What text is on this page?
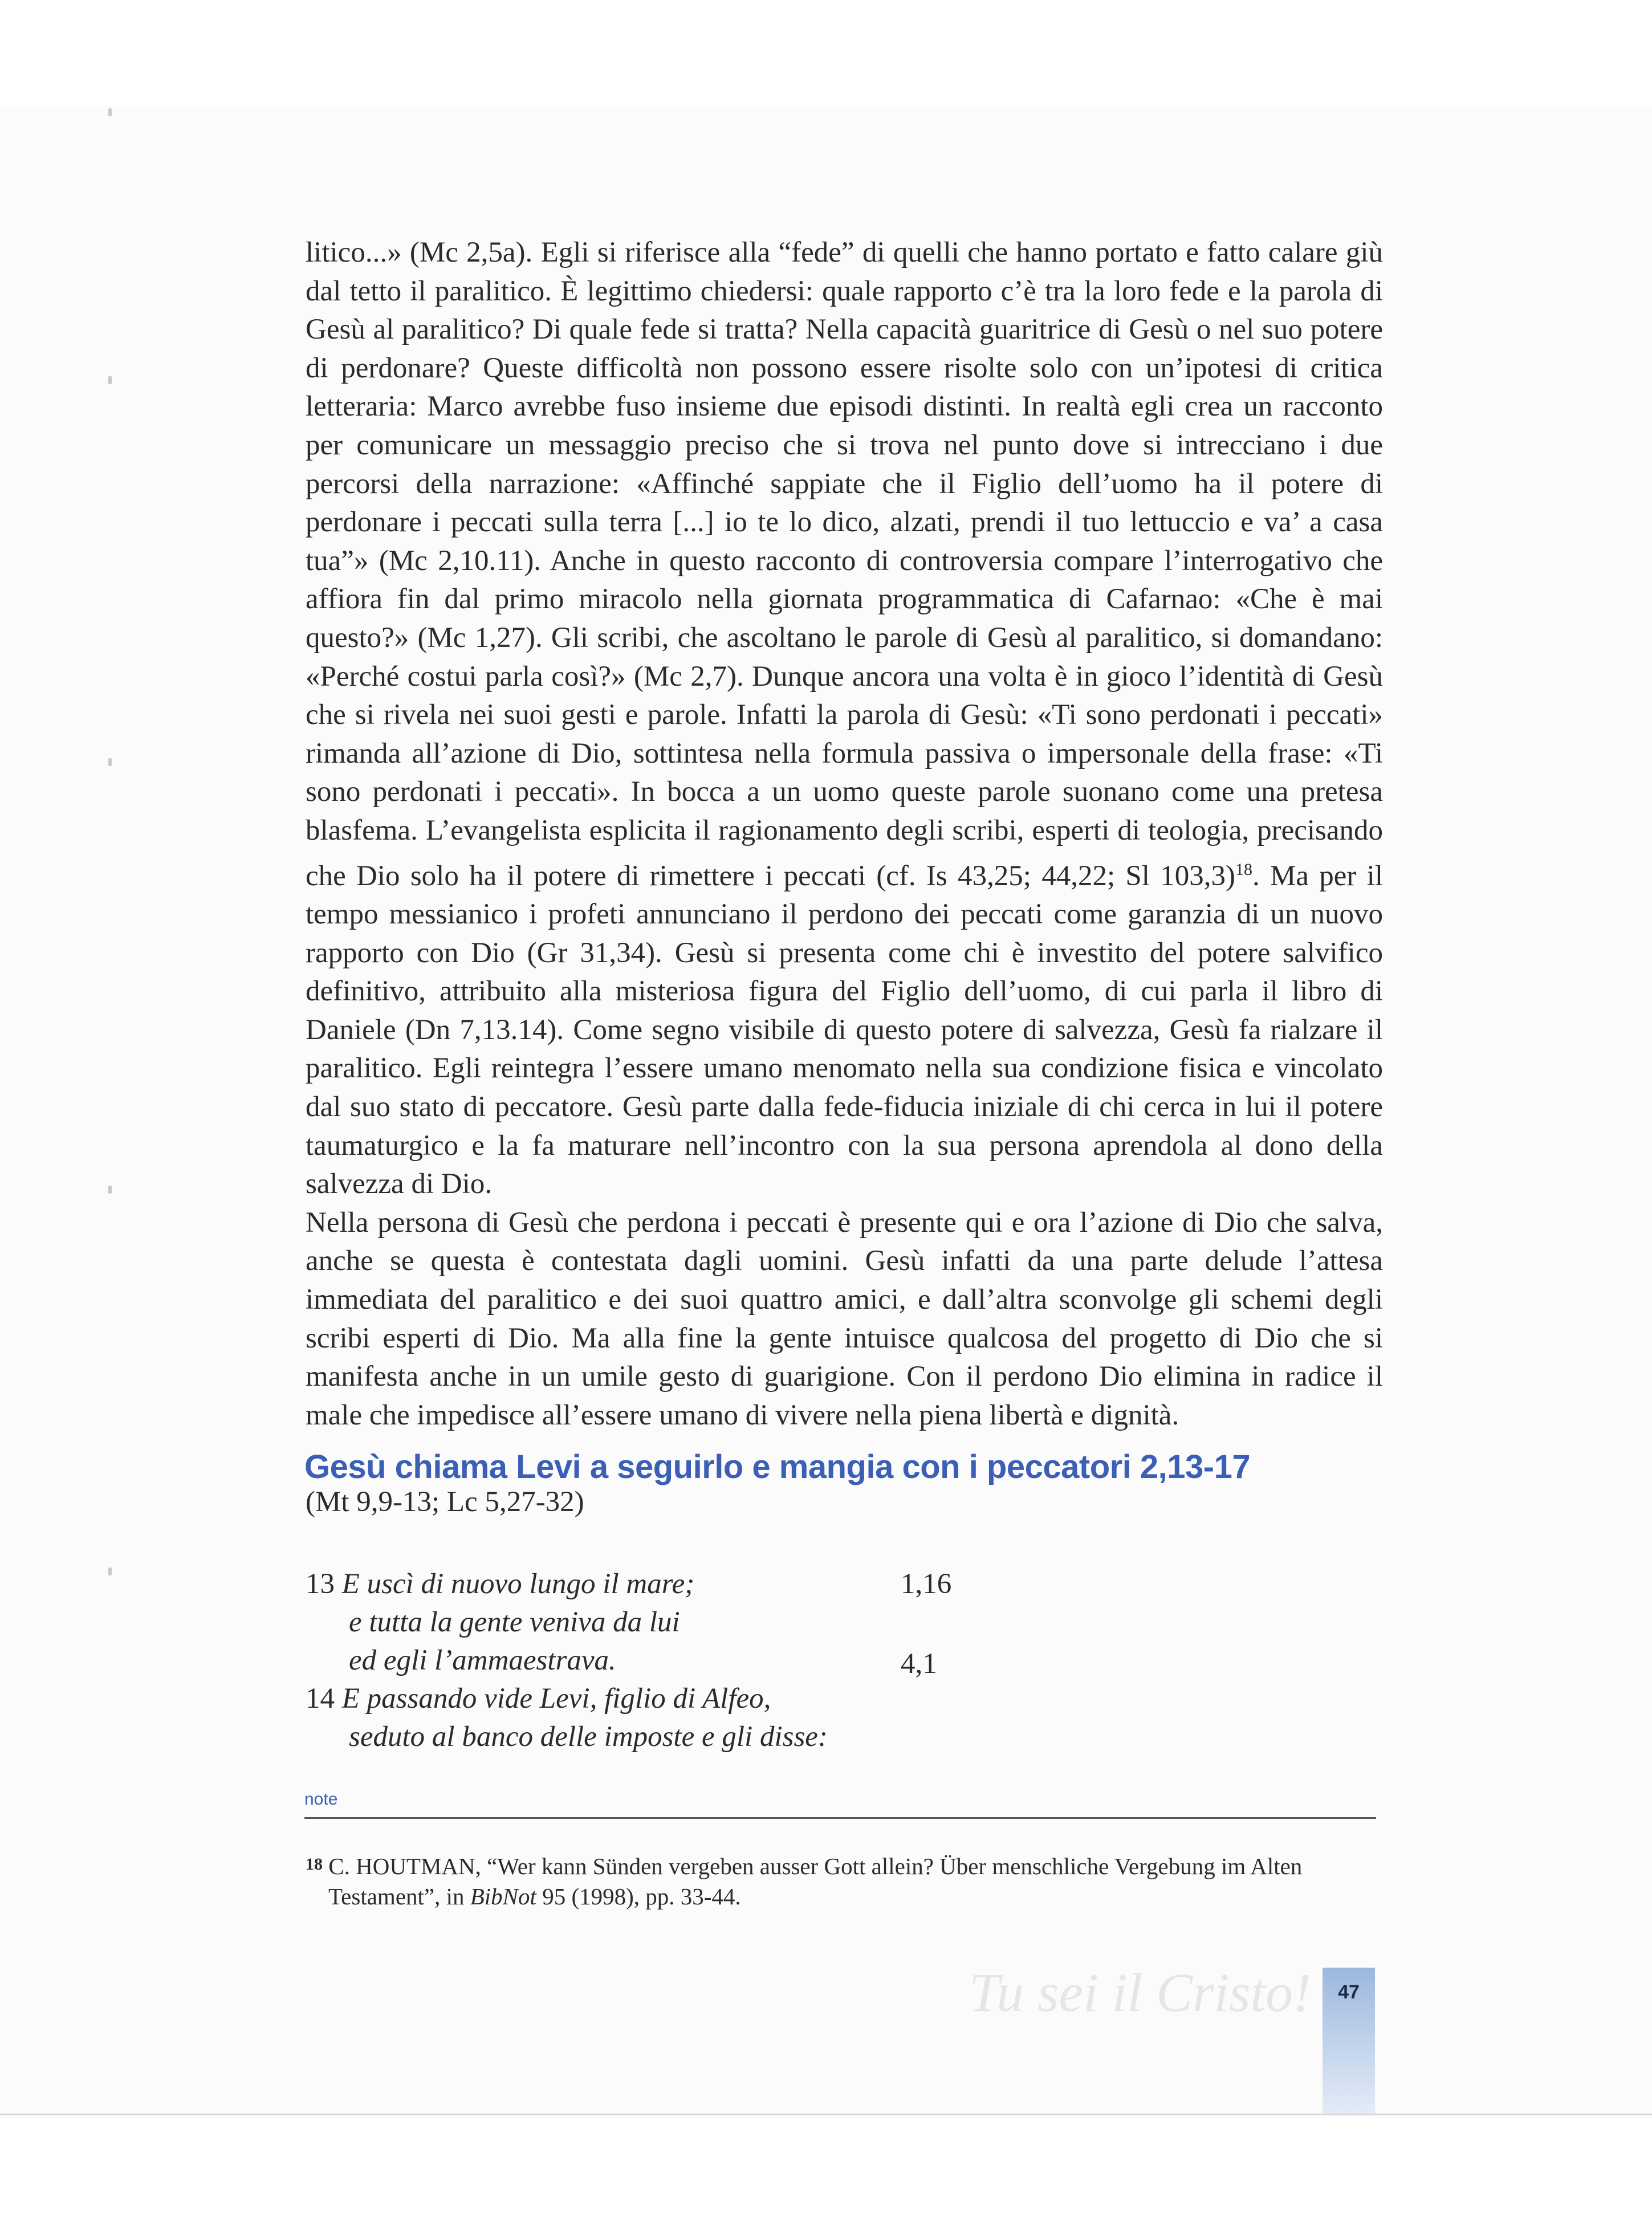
litico...» (Mc 2,5a). Egli si riferisce alla “fede” di quelli che hanno portato e fatto calare giù dal tetto il paralitico. È legittimo chiedersi: quale rapporto c’è tra la loro fede e la parola di Gesù al paralitico? Di quale fede si tratta? Nella capacità guaritrice di Gesù o nel suo potere di perdonare? Queste difficoltà non possono essere risolte solo con un’ipotesi di critica letteraria: Marco avrebbe fuso insieme due episodi distinti. In realtà egli crea un racconto per comunicare un messaggio preciso che si trova nel punto dove si intrecciano i due percorsi della narrazione: «Affinché sappiate che il Figlio dell’uomo ha il potere di perdonare i peccati sulla terra [...] io te lo dico, alzati, prendi il tuo lettuccio e va’ a casa tua”» (Mc 2,10.11). Anche in questo racconto di controversia compare l’interrogativo che affiora fin dal primo miracolo nella giornata programmatica di Cafarnao: «Che è mai questo?» (Mc 1,27). Gli scribi, che ascoltano le parole di Gesù al paralitico, si domandano: «Perché costui parla così?» (Mc 2,7). Dunque ancora una volta è in gioco l’identità di Gesù che si rivela nei suoi gesti e parole. Infatti la parola di Gesù: «Ti sono perdonati i peccati» rimanda all’azione di Dio, sottintesa nella formula passiva o impersonale della frase: «Ti sono perdonati i peccati». In bocca a un uomo queste parole suonano come una pretesa blasfema. L’evangelista esplicita il ragionamento degli scribi, esperti di teologia, precisando che Dio solo ha il potere di rimettere i peccati (cf. Is 43,25; 44,22; Sl 103,3)$^{18}$. Ma per il tempo messianico i profeti annunciano il perdono dei peccati come garanzia di un nuovo rapporto con Dio (Gr 31,34). Gesù si presenta come chi è investito del potere salvifico definitivo, attribuito alla misteriosa figura del Figlio dell’uomo, di cui parla il libro di Daniele (Dn 7,13.14). Come segno visibile di questo potere di salvezza, Gesù fa rialzare il paralitico. Egli reintegra l’essere umano menomato nella sua condizione fisica e vincolato dal suo stato di peccatore. Gesù parte dalla fede-fiducia iniziale di chi cerca in lui il potere taumaturgico e la fa maturare nell’incontro con la sua persona aprendola al dono della salvezza di Dio.

Nella persona di Gesù che perdona i peccati è presente qui e ora l’azione di Dio che salva, anche se questa è contestata dagli uomini. Gesù infatti da una parte delude l’attesa immediata del paralitico e dei suoi quattro amici, e dall’altra sconvolge gli schemi degli scribi esperti di Dio. Ma alla fine la gente intuisce qualcosa del progetto di Dio che si manifesta anche in un umile gesto di guarigione. Con il perdono Dio elimina in radice il male che impedisce all’essere umano di vivere nella piena libertà e dignità.

Gesù chiama Levi a seguirlo e mangia con i peccatori 2,13-17

(Mt 9,9-13; Lc 5,27-32)

13 E uscì di nuovo lungo il mare;	1,16

e tutta la gente veniva da lui

ed egli l’ammaestrava.	4,1

14 E passando vide Levi, figlio di Alfeo,

seduto al banco delle imposte e gli disse:

note

18 C. HOUTMAN, “Wer kann Sünden vergeben ausser Gott allein? Über menschliche Vergebung im Alten
Testament”, in BibNot 95 (1998), pp. 33-44.

Tu sei il Cristo!	47
